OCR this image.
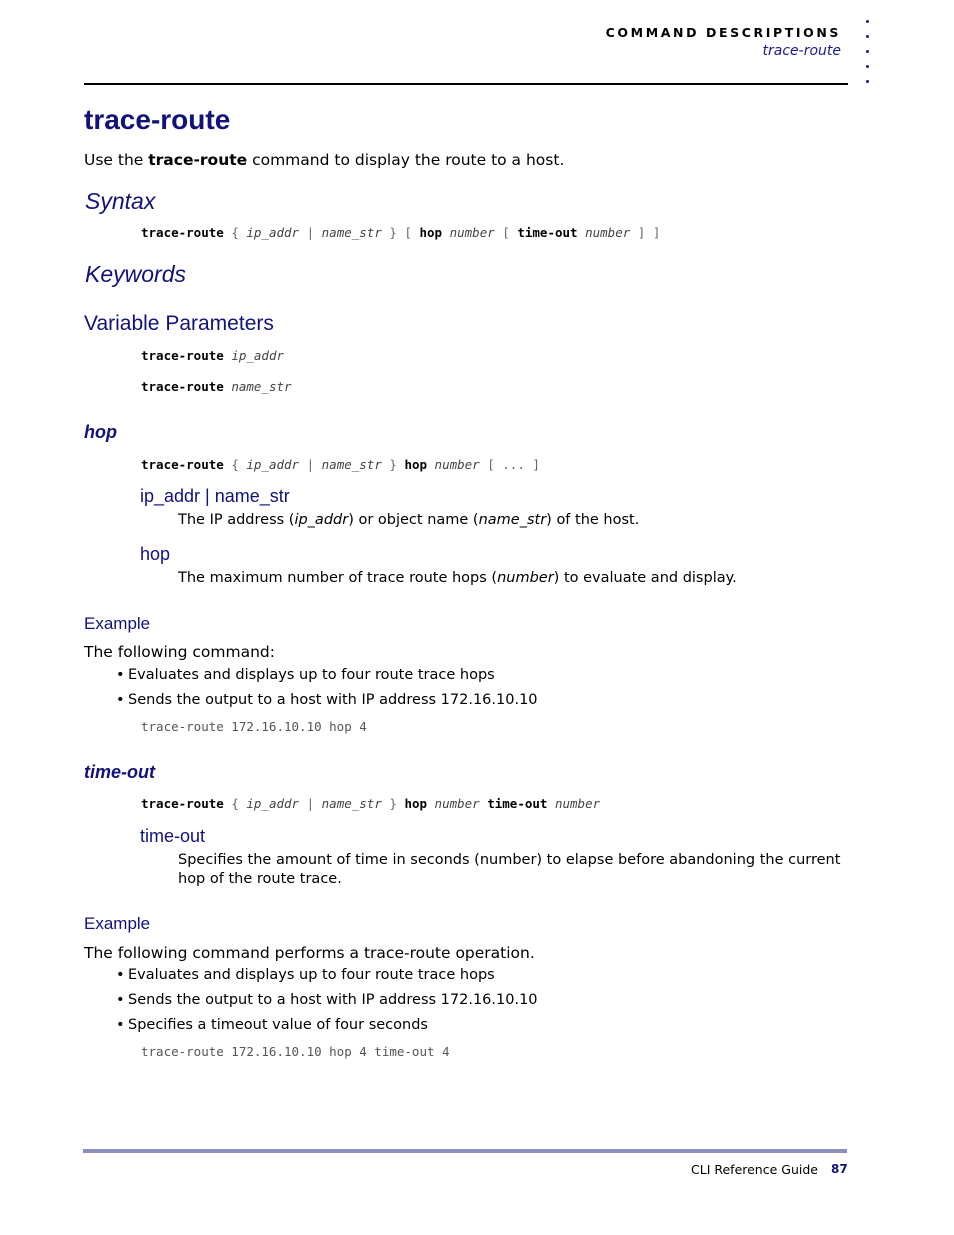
COMMAND DESCRIPTIONS
trace-route
trace-route
Use the trace-route command to display the route to a host.
Syntax
trace-route { ip_addr | name_str } [ hop number [ time-out number ] ]
Keywords
Variable Parameters
trace-route ip_addr
trace-route name_str
hop
trace-route { ip_addr | name_str } hop number [ ... ]
ip_addr | name_str
The IP address (ip_addr) or object name (name_str) of the host.
hop
The maximum number of trace route hops (number) to evaluate and display.
Example
The following command:
• Evaluates and displays up to four route trace hops
• Sends the output to a host with IP address 172.16.10.10
trace-route 172.16.10.10 hop 4
time-out
trace-route { ip_addr | name_str } hop number time-out number
time-out
Specifies the amount of time in seconds (number) to elapse before abandoning the current
hop of the route trace.
Example
The following command performs a trace-route operation.
• Evaluates and displays up to four route trace hops
• Sends the output to a host with IP address 172.16.10.10
• Specifies a timeout value of four seconds
trace-route 172.16.10.10 hop 4 time-out 4
CLI Reference Guide 87
